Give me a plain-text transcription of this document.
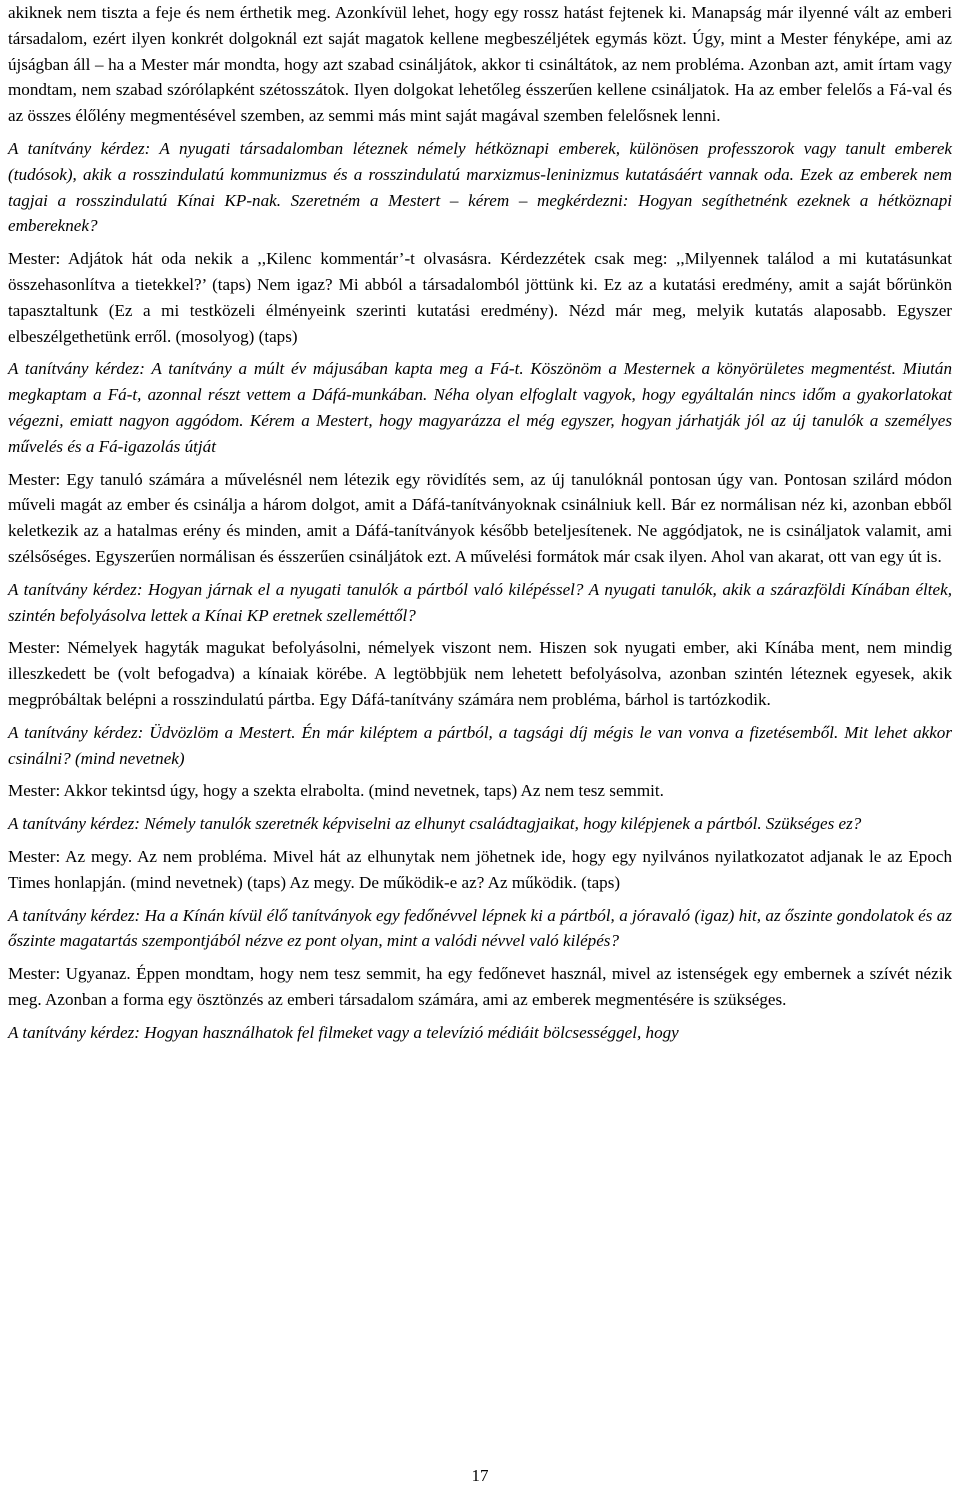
akiknek nem tiszta a feje és nem érthetik meg. Azonkívül lehet, hogy egy rossz hatást fejtenek ki. Manapság már ilyenné vált az emberi társadalom, ezért ilyen konkrét dolgoknál ezt saját magatok kellene megbeszéljétek egymás közt. Úgy, mint a Mester fényképe, ami az újságban áll – ha a Mester már mondta, hogy azt szabad csináljátok, akkor ti csináltátok, az nem probléma. Azonban azt, amit írtam vagy mondtam, nem szabad szórólapként szétosszátok. Ilyen dolgokat lehetőleg ésszerűen kellene csináljatok. Ha az ember felelős a Fá-val és az összes élőlény megmentésével szemben, az semmi más mint saját magával szemben felelősnek lenni.

A tanítvány kérdez: A nyugati társadalomban léteznek némely hétköznapi emberek, különösen professzorok vagy tanult emberek (tudósok), akik a rosszindulatú kommunizmus és a rosszindulatú marxizmus-leninizmus kutatásáért vannak oda. Ezek az emberek nem tagjai a rosszindulatú Kínai KP-nak. Szeretném a Mestert – kérem – megkérdezni: Hogyan segíthetnénk ezeknek a hétköznapi embereknek?

Mester: Adjátok hát oda nekik a ,,Kilenc kommentár’-t olvasásra. Kérdezzétek csak meg: ,,Milyennek találod a mi kutatásunkat összehasonlítva a tietekkel?’ (taps) Nem igaz? Mi abból a társadalomból jöttünk ki. Ez az a kutatási eredmény, amit a saját bőrünkön tapasztaltunk (Ez a mi testközeli élményeink szerinti kutatási eredmény). Nézd már meg, melyik kutatás alaposabb. Egyszer elbeszélgethetünk erről. (mosolyog) (taps)

A tanítvány kérdez: A tanítvány a múlt év májusában kapta meg a Fá-t. Köszönöm a Mesternek a könyörületes megmentést. Miután megkaptam a Fá-t, azonnal részt vettem a Dáfá-munkában. Néha olyan elfoglalt vagyok, hogy egyáltalán nincs időm a gyakorlatokat végezni, emiatt nagyon aggódom. Kérem a Mestert, hogy magyarázza el még egyszer, hogyan járhatják jól az új tanulók a személyes művelés és a Fá-igazolás útját

Mester: Egy tanuló számára a művelésnél nem létezik egy rövidítés sem, az új tanulóknál pontosan úgy van. Pontosan szilárd módon műveli magát az ember és csinálja a három dolgot, amit a Dáfá-tanítványoknak csinálniuk kell. Bár ez normálisan néz ki, azonban ebből keletkezik az a hatalmas erény és minden, amit a Dáfá-tanítványok később beteljesítenek. Ne aggódjatok, ne is csináljatok valamit, ami szélsőséges. Egyszerűen normálisan és ésszerűen csináljátok ezt. A művelési formátok már csak ilyen. Ahol van akarat, ott van egy út is.

A tanítvány kérdez: Hogyan járnak el a nyugati tanulók a pártból való kilépéssel? A nyugati tanulók, akik a szárazföldi Kínában éltek, szintén befolyásolva lettek a Kínai KP eretnek szelleméttől?

Mester: Némelyek hagyták magukat befolyásolni, némelyek viszont nem. Hiszen sok nyugati ember, aki Kínába ment, nem mindig illeszkedett be (volt befogadva) a kínaiak körébe. A legtöbbjük nem lehetett befolyásolva, azonban szintén léteznek egyesek, akik megpróbáltak belépni a rosszindulatú pártba. Egy Dáfá-tanítvány számára nem probléma, bárhol is tartózkodik.

A tanítvány kérdez: Üdvözlöm a Mestert. Én már kiléptem a pártból, a tagsági díj mégis le van vonva a fizetésemből. Mit lehet akkor csinálni? (mind nevetnek)

Mester: Akkor tekintsd úgy, hogy a szekta elrabolta. (mind nevetnek, taps) Az nem tesz semmit.

A tanítvány kérdez: Némely tanulók szeretnék képviselni az elhunyt családtagjaikat, hogy kilépjenek a pártból. Szükséges ez?

Mester: Az megy. Az nem probléma. Mivel hát az elhunytak nem jöhetnek ide, hogy egy nyilvános nyilatkozatot adjanak le az Epoch Times honlapján. (mind nevetnek) (taps) Az megy. De működik-e az? Az működik. (taps)

A tanítvány kérdez: Ha a Kínán kívül élő tanítványok egy fedőnévvel lépnek ki a pártból, a jóravaló (igaz) hit, az őszinte gondolatok és az őszinte magatartás szempontjából nézve ez pont olyan, mint a valódi névvel való kilépés?

Mester: Ugyanaz. Éppen mondtam, hogy nem tesz semmit, ha egy fedőnevet használ, mivel az istenségek egy embernek a szívét nézik meg. Azonban a forma egy ösztönzés az emberi társadalom számára, ami az emberek megmentésére is szükséges.

A tanítvány kérdez: Hogyan használhatok fel filmeket vagy a televízió médiáit bölcsességgel, hogy

17
